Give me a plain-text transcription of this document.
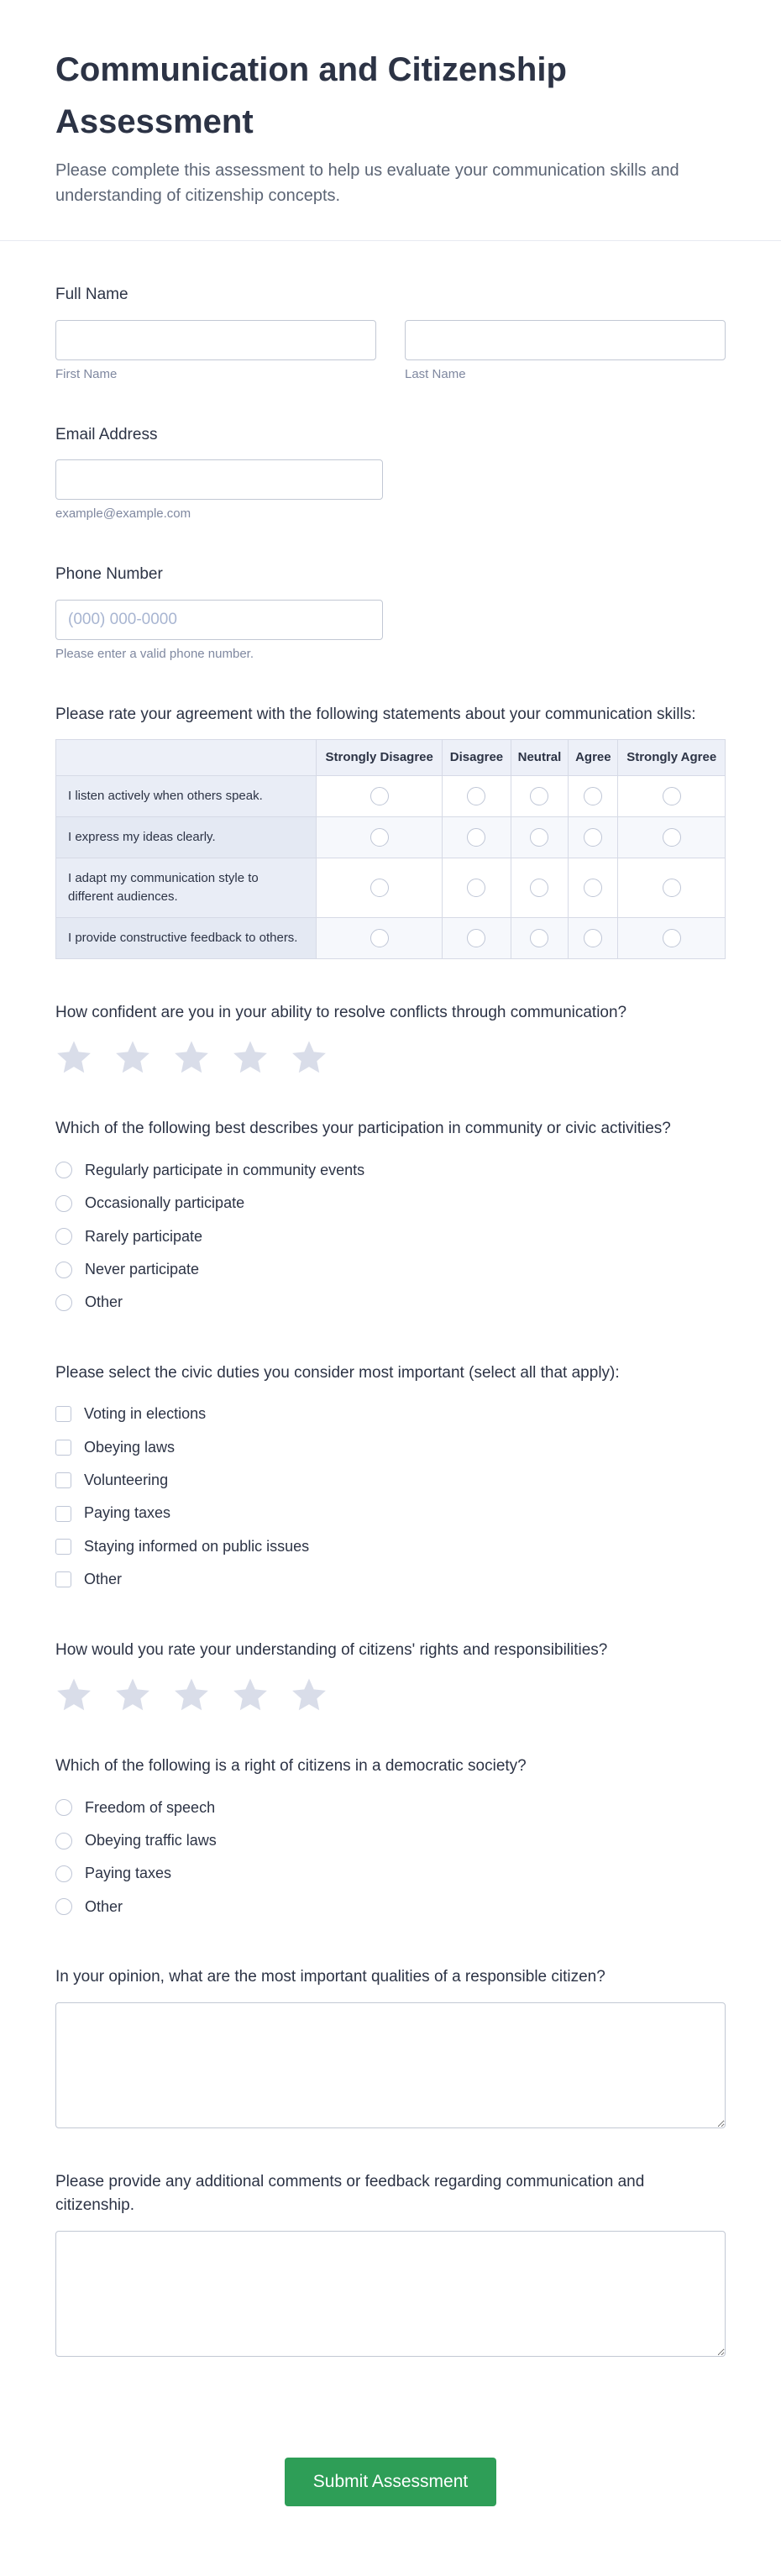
Communication and Citizenship Assessment

Please complete this assessment to help us evaluate your communication skills and understanding of citizenship concepts.

Full Name
First Name	Last Name
Email Address
example@example.com
Phone Number
(000) 000-0000
Please enter a valid phone number.
Please rate your agreement with the following statements about your communication skills:
	Strongly Disagree	Disagree	Neutral	Agree	Strongly Agree
I listen actively when others speak.					
I express my ideas clearly.					
I adapt my communication style to different audiences.					
I provide constructive feedback to others.					
How confident are you in your ability to resolve conflicts through communication?
Which of the following best describes your participation in community or civic activities?
Regularly participate in community events
Occasionally participate
Rarely participate
Never participate
Other
Please select the civic duties you consider most important (select all that apply):
Voting in elections
Obeying laws
Volunteering
Paying taxes
Staying informed on public issues
Other
How would you rate your understanding of citizens' rights and responsibilities?
Which of the following is a right of citizens in a democratic society?
Freedom of speech
Obeying traffic laws
Paying taxes
Other
In your opinion, what are the most important qualities of a responsible citizen?
Please provide any additional comments or feedback regarding communication and citizenship.
Submit Assessment
